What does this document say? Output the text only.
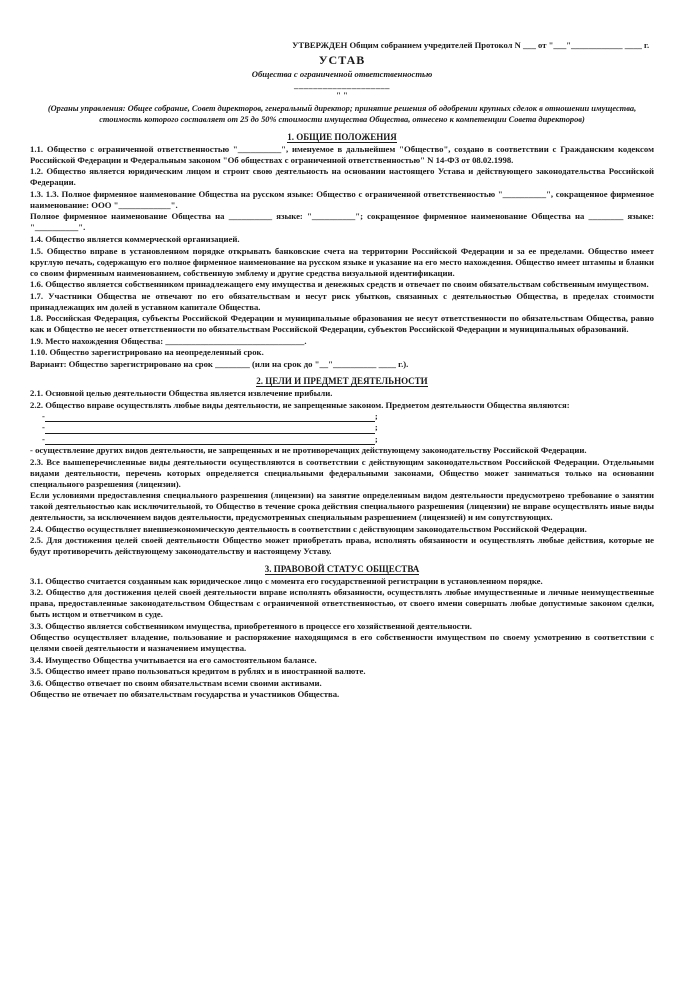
УТВЕРЖДЕН Общим собранием учредителей Протокол N ___ от "___"____________ ____ г.
УСТАВ
Общества с ограниченной ответственностью
____________________
" "
(Органы управления: Общее собрание, Совет директоров, генеральный директор; принятие решения об одобрении крупных сделок в отношении имущества, стоимость которого составляет от 25 до 50% стоимости имущества Общества, отнесено к компетенции Совета директоров)
1. ОБЩИЕ ПОЛОЖЕНИЯ

1.1. Общество с ограниченной ответственностью "__________", именуемое в дальнейшем "Общество", создано в соответствии с Гражданским кодексом Российской Федерации и Федеральным законом "Об обществах с ограниченной ответственностью" N 14-ФЗ от 08.02.1998.

1.2. Общество является юридическим лицом и строит свою деятельность на основании настоящего Устава и действующего законодательства Российской Федерации.

1.3. 1.3. Полное фирменное наименование Общества на русском языке: Общество с ограниченной ответственностью "__________", сокращенное фирменное наименование: ООО "____________".

Полное фирменное наименование Общества на __________ языке: "__________"; сокращенное фирменное наименование Общества на ________ языке: "__________".

1.4. Общество является коммерческой организацией.

1.5. Общество вправе в установленном порядке открывать банковские счета на территории Российской Федерации и за ее пределами. Общество имеет круглую печать, содержащую его полное фирменное наименование на русском языке и указание на его место нахождения. Общество имеет штампы и бланки со своим фирменным наименованием, собственную эмблему и другие средства визуальной идентификации.

1.6. Общество является собственником принадлежащего ему имущества и денежных средств и отвечает по своим обязательствам собственным имуществом.

1.7. Участники Общества не отвечают по его обязательствам и несут риск убытков, связанных с деятельностью Общества, в пределах стоимости принадлежащих им долей в уставном капитале Общества.

1.8. Российская Федерация, субъекты Российской Федерации и муниципальные образования не несут ответственности по обязательствам Общества, равно как и Общество не несет ответственности по обязательствам Российской Федерации, субъектов Российской Федерации и муниципальных образований.

1.9. Место нахождения Общества: ________________________________.

1.10. Общество зарегистрировано на неопределенный срок.

Вариант: Общество зарегистрировано на срок ________ (или на срок до "__"__________ ____ г.).

2. ЦЕЛИ И ПРЕДМЕТ ДЕЯТЕЛЬНОСТИ

2.1. Основной целью деятельности Общества является извлечение прибыли.

2.2. Общество вправе осуществлять любые виды деятельности, не запрещенные законом. Предметом деятельности Общества являются:

-	;
-	;
-	;

- осуществление других видов деятельности, не запрещенных и не противоречащих действующему законодательству Российской Федерации.

2.3. Все вышеперечисленные виды деятельности осуществляются в соответствии с действующим законодательством Российской Федерации. Отдельными видами деятельности, перечень которых определяется специальными федеральными законами, Общество может заниматься только на основании специального разрешения (лицензии).

Если условиями предоставления специального разрешения (лицензии) на занятие определенным видом деятельности предусмотрено требование о занятии такой деятельностью как исключительной, то Общество в течение срока действия специального разрешения (лицензии) не вправе осуществлять иные виды деятельности, за исключением видов деятельности, предусмотренных специальным разрешением (лицензией) и им сопутствующих.

2.4. Общество осуществляет внешнеэкономическую деятельность в соответствии с действующим законодательством Российской Федерации.

2.5. Для достижения целей своей деятельности Общество может приобретать права, исполнять обязанности и осуществлять любые действия, которые не будут противоречить действующему законодательству и настоящему Уставу.

3. ПРАВОВОЙ СТАТУС ОБЩЕСТВА

3.1. Общество считается созданным как юридическое лицо с момента его государственной регистрации в установленном порядке.

3.2. Общество для достижения целей своей деятельности вправе исполнять обязанности, осуществлять любые имущественные и личные неимущественные права, предоставленные законодательством Обществам с ограниченной ответственностью, от своего имени совершать любые допустимые законом сделки, быть истцом и ответчиком в суде.

3.3. Общество является собственником имущества, приобретенного в процессе его хозяйственной деятельности.

Общество осуществляет владение, пользование и распоряжение находящимся в его собственности имуществом по своему усмотрению в соответствии с целями своей деятельности и назначением имущества.

3.4. Имущество Общества учитывается на его самостоятельном балансе.

3.5. Общество имеет право пользоваться кредитом в рублях и в иностранной валюте.

3.6. Общество отвечает по своим обязательствам всеми своими активами.

Общество не отвечает по обязательствам государства и участников Общества.
